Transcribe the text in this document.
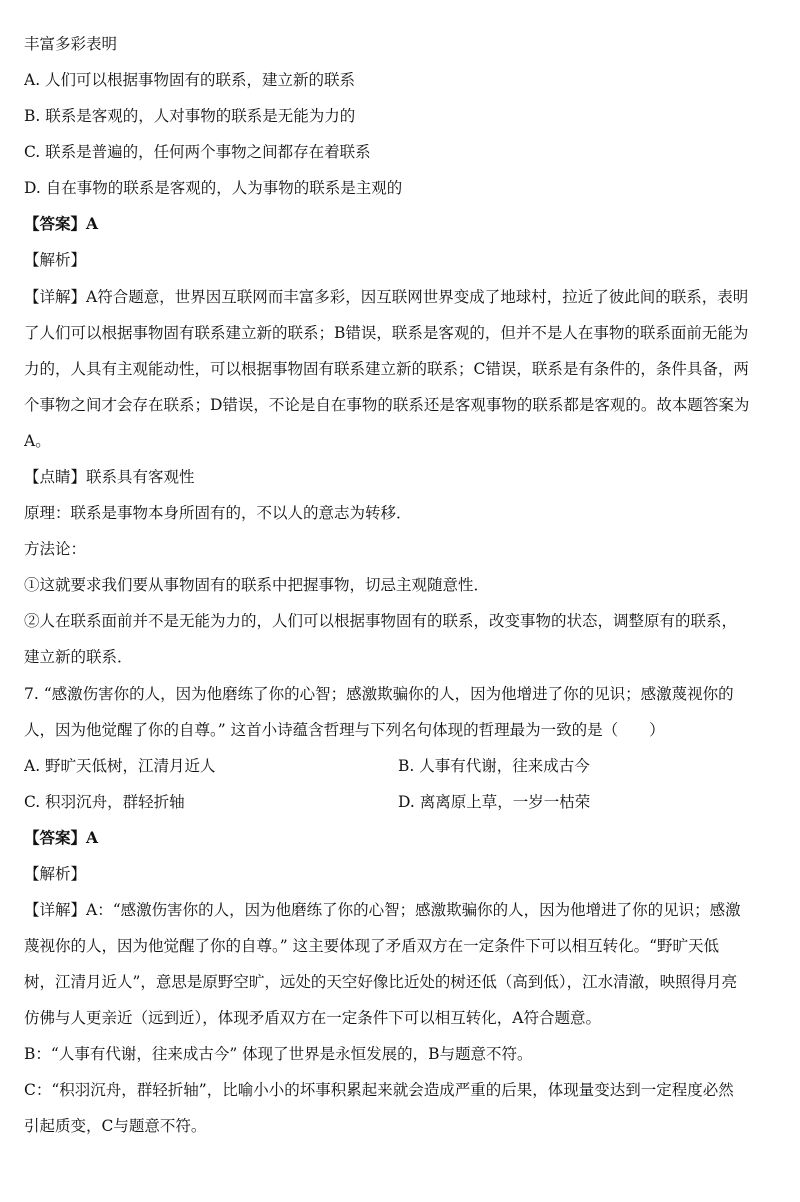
丰富多彩表明
A. 人们可以根据事物固有的联系，建立新的联系
B. 联系是客观的，人对事物的联系是无能为力的
C. 联系是普遍的，任何两个事物之间都存在着联系
D. 自在事物的联系是客观的，人为事物的联系是主观的
【答案】A
【解析】
【详解】A符合题意，世界因互联网而丰富多彩，因互联网世界变成了地球村，拉近了彼此间的联系，表明
了人们可以根据事物固有联系建立新的联系；B错误，联系是客观的，但并不是人在事物的联系面前无能为
力的，人具有主观能动性，可以根据事物固有联系建立新的联系；C错误，联系是有条件的，条件具备，两
个事物之间才会存在联系；D错误，不论是自在事物的联系还是客观事物的联系都是客观的。故本题答案为
A。
【点睛】联系具有客观性
原理：联系是事物本身所固有的，不以人的意志为转移．
方法论：
①这就要求我们要从事物固有的联系中把握事物，切忌主观随意性．
②人在联系面前并不是无能为力的，人们可以根据事物固有的联系，改变事物的状态，调整原有的联系，
建立新的联系．
7. “感激伤害你的人，因为他磨练了你的心智；感激欺骗你的人，因为他增进了你的见识；感激蔑视你的
人，因为他觉醒了你的自尊。” 这首小诗蕴含哲理与下列名句体现的哲理最为一致的是（　　）
A. 野旷天低树，江清月近人	B. 人事有代谢，往来成古今
C. 积羽沉舟，群轻折轴	D. 离离原上草，一岁一枯荣
【答案】A
【解析】
【详解】A：“感激伤害你的人，因为他磨练了你的心智；感激欺骗你的人，因为他增进了你的见识；感激
蔑视你的人，因为他觉醒了你的自尊。” 这主要体现了矛盾双方在一定条件下可以相互转化。“野旷天低
树，江清月近人”，意思是原野空旷，远处的天空好像比近处的树还低（高到低），江水清澈，映照得月亮
仿佛与人更亲近（远到近），体现矛盾双方在一定条件下可以相互转化，A符合题意。
B：“人事有代谢，往来成古今” 体现了世界是永恒发展的，B与题意不符。
C：“积羽沉舟，群轻折轴”，比喻小小的坏事积累起来就会造成严重的后果，体现量变达到一定程度必然
引起质变，C与题意不符。
